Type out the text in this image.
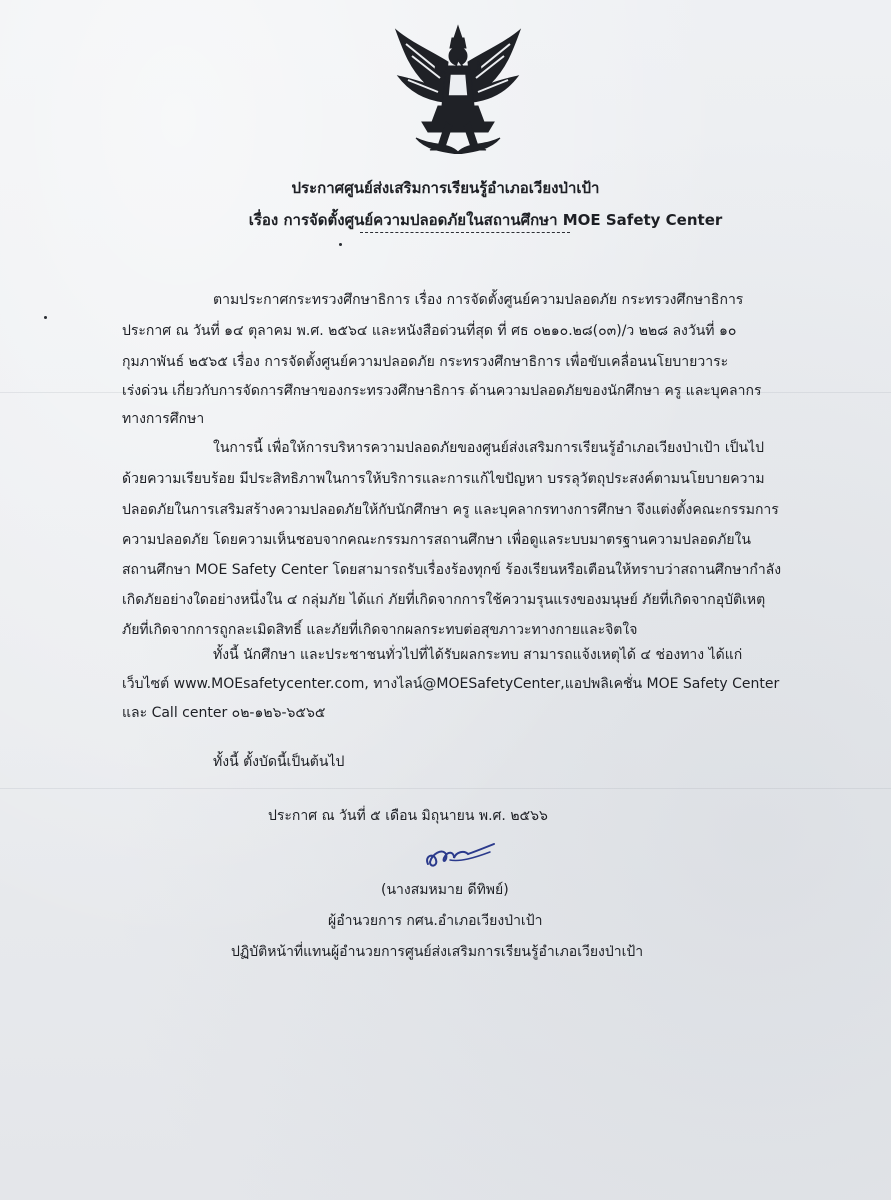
ประกาศศูนย์ส่งเสริมการเรียนรู้อำเภอเวียงป่าเป้า
เรื่อง การจัดตั้งศูนย์ความปลอดภัยในสถานศึกษา MOE Safety Center
ตามประกาศกระทรวงศึกษาธิการ เรื่อง การจัดตั้งศูนย์ความปลอดภัย กระทรวงศึกษาธิการ
ประกาศ ณ วันที่ ๑๔ ตุลาคม พ.ศ. ๒๕๖๔ และหนังสือด่วนที่สุด ที่ ศธ ๐๒๑๐.๒๘(๐๓)/ว ๒๒๘ ลงวันที่ ๑๐
กุมภาพันธ์ ๒๕๖๕ เรื่อง การจัดตั้งศูนย์ความปลอดภัย กระทรวงศึกษาธิการ เพื่อขับเคลื่อนนโยบายวาระ
เร่งด่วน เกี่ยวกับการจัดการศึกษาของกระทรวงศึกษาธิการ ด้านความปลอดภัยของนักศึกษา ครู และบุคลากร
ทางการศึกษา
ในการนี้ เพื่อให้การบริหารความปลอดภัยของศูนย์ส่งเสริมการเรียนรู้อำเภอเวียงป่าเป้า เป็นไป
ด้วยความเรียบร้อย มีประสิทธิภาพในการให้บริการและการแก้ไขปัญหา บรรลุวัตถุประสงค์ตามนโยบายความ
ปลอดภัยในการเสริมสร้างความปลอดภัยให้กับนักศึกษา ครู และบุคลากรทางการศึกษา จึงแต่งตั้งคณะกรรมการ
ความปลอดภัย โดยความเห็นชอบจากคณะกรรมการสถานศึกษา เพื่อดูแลระบบมาตรฐานความปลอดภัยใน
สถานศึกษา MOE Safety Center โดยสามารถรับเรื่องร้องทุกข์ ร้องเรียนหรือเตือนให้ทราบว่าสถานศึกษากำลัง
เกิดภัยอย่างใดอย่างหนึ่งใน ๔ กลุ่มภัย ได้แก่ ภัยที่เกิดจากการใช้ความรุนแรงของมนุษย์ ภัยที่เกิดจากอุบัติเหตุ
ภัยที่เกิดจากการถูกละเมิดสิทธิ์ และภัยที่เกิดจากผลกระทบต่อสุขภาวะทางกายและจิตใจ
ทั้งนี้ นักศึกษา และประชาชนทั่วไปที่ได้รับผลกระทบ สามารถแจ้งเหตุได้ ๔ ช่องทาง ได้แก่
เว็บไซต์ www.MOEsafetycenter.com, ทางไลน์@MOESafetyCenter,แอปพลิเคชั่น MOE Safety Center
และ Call center ๐๒-๑๒๖-๖๕๖๕
ทั้งนี้ ตั้งบัดนี้เป็นต้นไป
ประกาศ ณ วันที่ ๕ เดือน มิถุนายน พ.ศ. ๒๕๖๖
(นางสมหมาย ดีทิพย์)
ผู้อำนวยการ กศน.อำเภอเวียงป่าเป้า
ปฏิบัติหน้าที่แทนผู้อำนวยการศูนย์ส่งเสริมการเรียนรู้อำเภอเวียงป่าเป้า
